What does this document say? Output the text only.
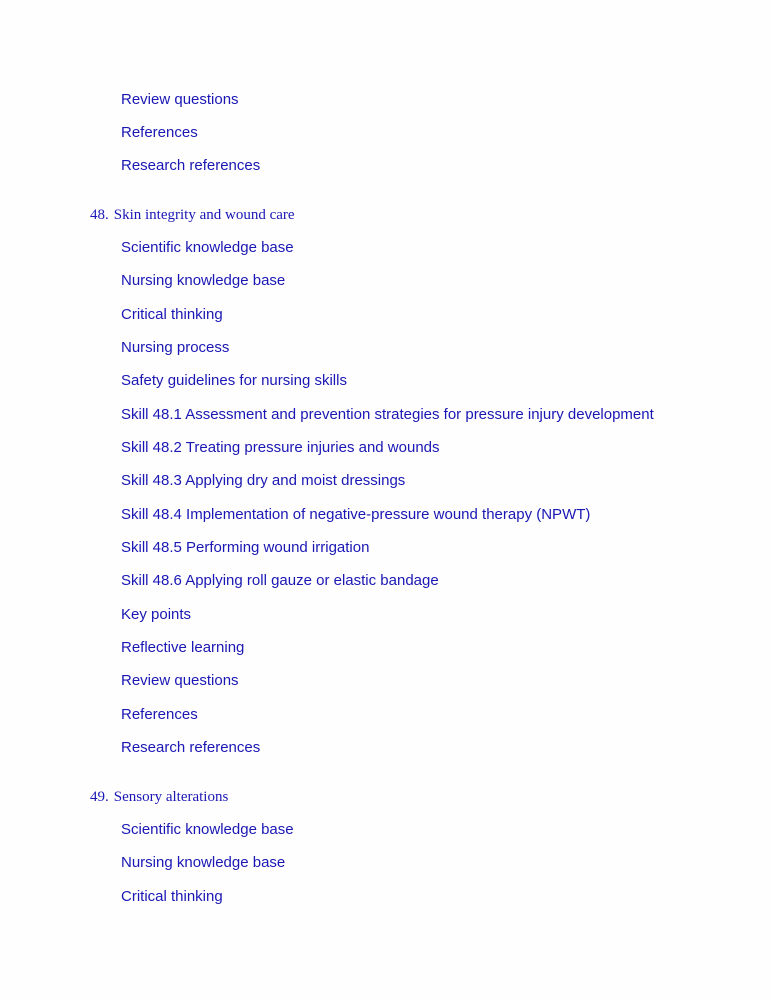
Review questions
References
Research references
48. Skin integrity and wound care
Scientific knowledge base
Nursing knowledge base
Critical thinking
Nursing process
Safety guidelines for nursing skills
Skill 48.1 Assessment and prevention strategies for pressure injury development
Skill 48.2 Treating pressure injuries and wounds
Skill 48.3 Applying dry and moist dressings
Skill 48.4 Implementation of negative-pressure wound therapy (NPWT)
Skill 48.5 Performing wound irrigation
Skill 48.6 Applying roll gauze or elastic bandage
Key points
Reflective learning
Review questions
References
Research references
49. Sensory alterations
Scientific knowledge base
Nursing knowledge base
Critical thinking
